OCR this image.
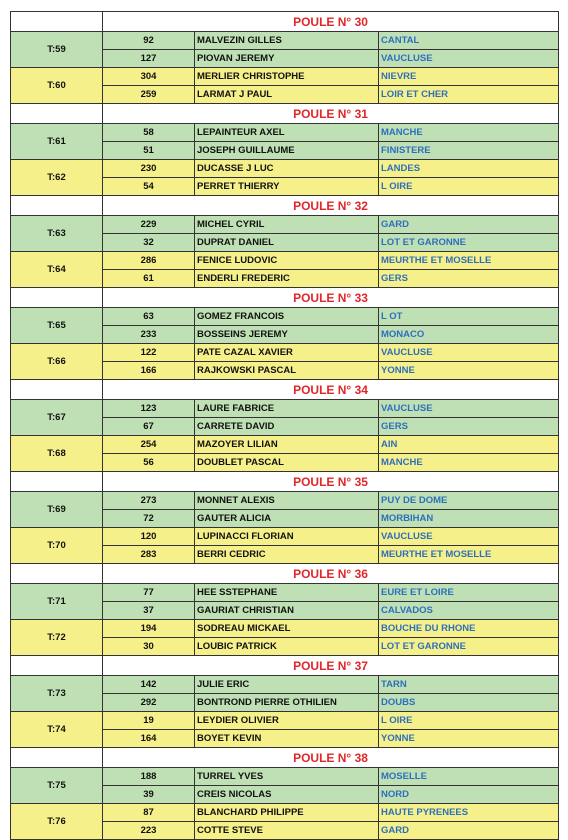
	POULE N° 30		
T:59	92	MALVEZIN GILLES	CANTAL
	127	PIOVAN JEREMY	VAUCLUSE
T:60	304	MERLIER CHRISTOPHE	NIEVRE
	259	LARMAT J PAUL	LOIR ET CHER
	POULE N° 31		
T:61	58	LEPAINTEUR AXEL	MANCHE
	51	JOSEPH GUILLAUME	FINISTERE
T:62	230	DUCASSE J LUC	LANDES
	54	PERRET THIERRY	L OIRE
	POULE N° 32		
T:63	229	MICHEL CYRIL	GARD
	32	DUPRAT DANIEL	LOT ET GARONNE
T:64	286	FENICE LUDOVIC	MEURTHE ET MOSELLE
	61	ENDERLI FREDERIC	GERS
	POULE N° 33		
T:65	63	GOMEZ FRANCOIS	L OT
	233	BOSSEINS JEREMY	MONACO
T:66	122	PATE CAZAL XAVIER	VAUCLUSE
	166	RAJKOWSKI PASCAL	YONNE
	POULE N° 34		
T:67	123	LAURE FABRICE	VAUCLUSE
	67	CARRETE DAVID	GERS
T:68	254	MAZOYER LILIAN	AIN
	56	DOUBLET PASCAL	MANCHE
	POULE N° 35		
T:69	273	MONNET ALEXIS	PUY DE DOME
	72	GAUTER ALICIA	MORBIHAN
T:70	120	LUPINACCI FLORIAN	VAUCLUSE
	283	BERRI CEDRIC	MEURTHE ET MOSELLE
	POULE N° 36		
T:71	77	HEE SSTEPHANE	EURE ET LOIRE
	37	GAURIAT CHRISTIAN	CALVADOS
T:72	194	SODREAU MICKAEL	BOUCHE DU RHONE
	30	LOUBIC PATRICK	LOT ET GARONNE
	POULE N° 37		
T:73	142	JULIE ERIC	TARN
	292	BONTROND PIERRE OTHILIEN	DOUBS
T:74	19	LEYDIER OLIVIER	L OIRE
	164	BOYET KEVIN	YONNE
	POULE N° 38		
T:75	188	TURREL YVES	MOSELLE
	39	CREIS NICOLAS	NORD
T:76	87	BLANCHARD PHILIPPE	HAUTE PYRENEES
	223	COTTE STEVE	GARD
